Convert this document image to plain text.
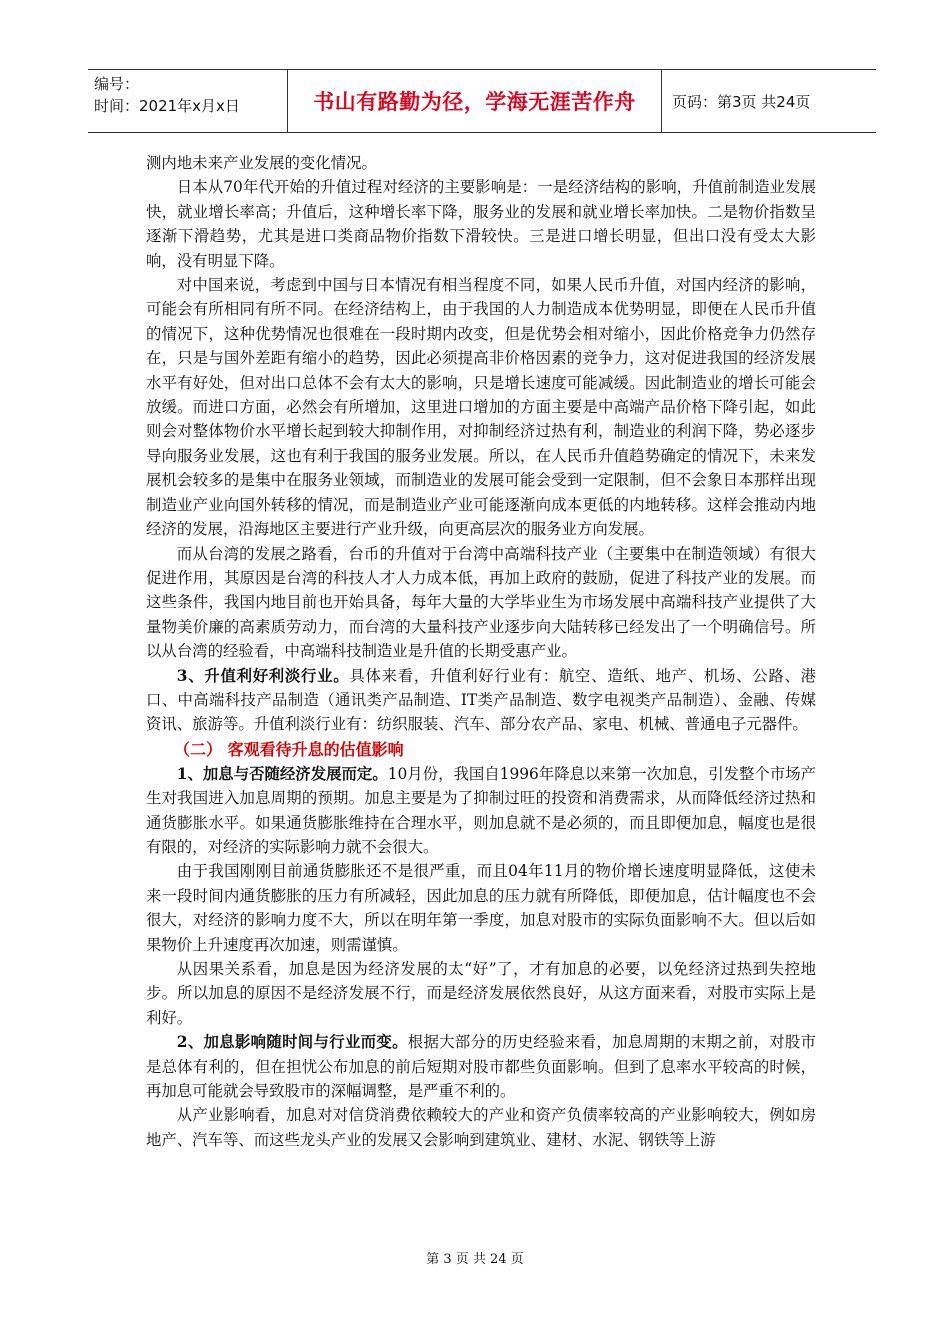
编号：
时间：2021年x月x日	书山有路勤为径，学海无涯苦作舟	页码：第3页 共24页

测内地未来产业发展的变化情况。

日本从70年代开始的升值过程对经济的主要影响是：一是经济结构的影响，升值前制造业发展快，就业增长率高；升值后，这种增长率下降，服务业的发展和就业增长率加快。二是物价指数呈逐渐下滑趋势，尤其是进口类商品物价指数下滑较快。三是进口增长明显，但出口没有受太大影响，没有明显下降。

对中国来说，考虑到中国与日本情况有相当程度不同，如果人民币升值，对国内经济的影响，可能会有所相同有所不同。在经济结构上，由于我国的人力制造成本优势明显，即便在人民币升值的情况下，这种优势情况也很难在一段时期内改变，但是优势会相对缩小，因此价格竞争力仍然存在，只是与国外差距有缩小的趋势，因此必须提高非价格因素的竞争力，这对促进我国的经济发展水平有好处，但对出口总体不会有太大的影响，只是增长速度可能减缓。因此制造业的增长可能会放缓。而进口方面，必然会有所增加，这里进口增加的方面主要是中高端产品价格下降引起，如此则会对整体物价水平增长起到较大抑制作用，对抑制经济过热有利，制造业的利润下降，势必逐步导向服务业发展，这也有利于我国的服务业发展。所以，在人民币升值趋势确定的情况下，未来发展机会较多的是集中在服务业领域，而制造业的发展可能会受到一定限制，但不会象日本那样出现制造业产业向国外转移的情况，而是制造业产业可能逐渐向成本更低的内地转移。这样会推动内地经济的发展，沿海地区主要进行产业升级，向更高层次的服务业方向发展。

而从台湾的发展之路看，台币的升值对于台湾中高端科技产业（主要集中在制造领域）有很大促进作用，其原因是台湾的科技人才人力成本低，再加上政府的鼓励，促进了科技产业的发展。而这些条件，我国内地目前也开始具备，每年大量的大学毕业生为市场发展中高端科技产业提供了大量物美价廉的高素质劳动力，而台湾的大量科技产业逐步向大陆转移已经发出了一个明确信号。所以从台湾的经验看，中高端科技制造业是升值的长期受惠产业。

3、升值利好利淡行业。具体来看，升值利好行业有：航空、造纸、地产、机场、公路、港口、中高端科技产品制造（通讯类产品制造、IT类产品制造、数字电视类产品制造）、金融、传媒资讯、旅游等。升值利淡行业有：纺织服装、汽车、部分农产品、家电、机械、普通电子元器件。

（二） 客观看待升息的估值影响

1、加息与否随经济发展而定。10月份，我国自1996年降息以来第一次加息，引发整个市场产生对我国进入加息周期的预期。加息主要是为了抑制过旺的投资和消费需求，从而降低经济过热和通货膨胀水平。如果通货膨胀维持在合理水平，则加息就不是必须的，而且即便加息，幅度也是很有限的，对经济的实际影响力就不会很大。

由于我国刚刚目前通货膨胀还不是很严重，而且04年11月的物价增长速度明显降低，这使未来一段时间内通货膨胀的压力有所减轻，因此加息的压力就有所降低，即便加息，估计幅度也不会很大，对经济的影响力度不大，所以在明年第一季度，加息对股市的实际负面影响不大。但以后如果物价上升速度再次加速，则需谨慎。

从因果关系看，加息是因为经济发展的太“好”了，才有加息的必要，以免经济过热到失控地步。所以加息的原因不是经济发展不行，而是经济发展依然良好，从这方面来看，对股市实际上是利好。

2、加息影响随时间与行业而变。根据大部分的历史经验来看，加息周期的末期之前，对股市是总体有利的，但在担忧公布加息的前后短期对股市都些负面影响。但到了息率水平较高的时候，再加息可能就会导致股市的深幅调整，是严重不利的。

从产业影响看，加息对对信贷消费依赖较大的产业和资产负债率较高的产业影响较大，例如房地产、汽车等、而这些龙头产业的发展又会影响到建筑业、建材、水泥、钢铁等上游

第 3 页 共 24 页
